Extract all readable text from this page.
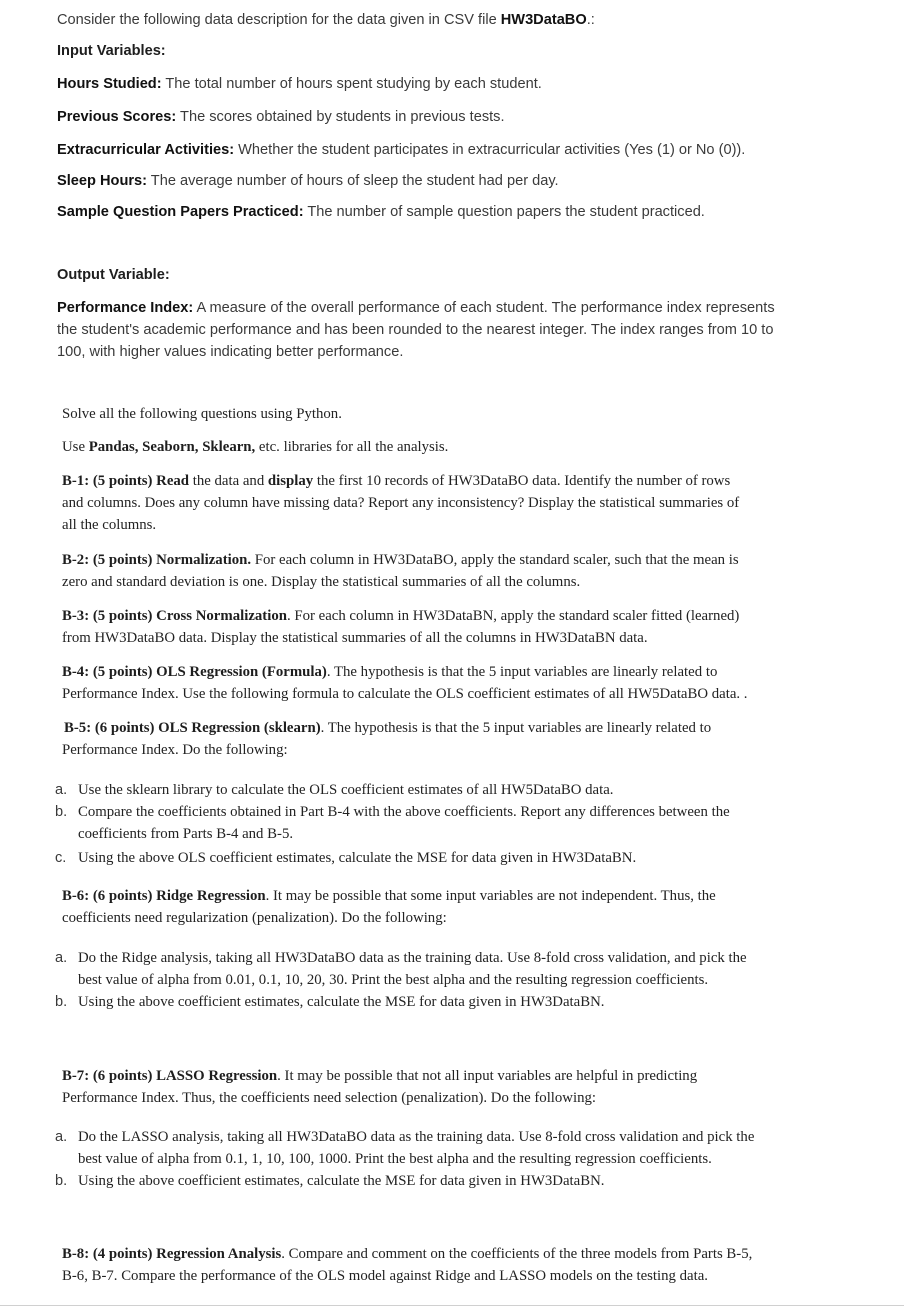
Consider the following data description for the data given in CSV file HW3DataBO.:
Input Variables:
Hours Studied: The total number of hours spent studying by each student.
Previous Scores: The scores obtained by students in previous tests.
Extracurricular Activities: Whether the student participates in extracurricular activities (Yes (1) or No (0)).
Sleep Hours: The average number of hours of sleep the student had per day.
Sample Question Papers Practiced: The number of sample question papers the student practiced.
Output Variable:
Performance Index: A measure of the overall performance of each student. The performance index represents
the student's academic performance and has been rounded to the nearest integer. The index ranges from 10 to
100, with higher values indicating better performance.
Solve all the following questions using Python.
Use Pandas, Seaborn, Sklearn, etc. libraries for all the analysis.
B-1: (5 points) Read the data and display the first 10 records of HW3DataBO data. Identify the number of rows
and columns. Does any column have missing data? Report any inconsistency? Display the statistical summaries of
all the columns.
B-2: (5 points) Normalization. For each column in HW3DataBO, apply the standard scaler, such that the mean is
zero and standard deviation is one. Display the statistical summaries of all the columns.
B-3: (5 points) Cross Normalization. For each column in HW3DataBN, apply the standard scaler fitted (learned)
from HW3DataBO data. Display the statistical summaries of all the columns in HW3DataBN data.
B-4: (5 points) OLS Regression (Formula). The hypothesis is that the 5 input variables are linearly related to
Performance Index. Use the following formula to calculate the OLS coefficient estimates of all HW5DataBO data. .
B-5: (6 points) OLS Regression (sklearn). The hypothesis is that the 5 input variables are linearly related to
Performance Index. Do the following:
a. Use the sklearn library to calculate the OLS coefficient estimates of all HW5DataBO data.
b. Compare the coefficients obtained in Part B-4 with the above coefficients. Report any differences between the
coefficients from Parts B-4 and B-5.
c. Using the above OLS coefficient estimates, calculate the MSE for data given in HW3DataBN.
B-6: (6 points) Ridge Regression. It may be possible that some input variables are not independent. Thus, the
coefficients need regularization (penalization). Do the following:
a. Do the Ridge analysis, taking all HW3DataBO data as the training data. Use 8-fold cross validation, and pick the
best value of alpha from 0.01, 0.1, 10, 20, 30. Print the best alpha and the resulting regression coefficients.
b. Using the above coefficient estimates, calculate the MSE for data given in HW3DataBN.
B-7: (6 points) LASSO Regression. It may be possible that not all input variables are helpful in predicting
Performance Index. Thus, the coefficients need selection (penalization). Do the following:
a. Do the LASSO analysis, taking all HW3DataBO data as the training data. Use 8-fold cross validation and pick the
best value of alpha from 0.1, 1, 10, 100, 1000. Print the best alpha and the resulting regression coefficients.
b. Using the above coefficient estimates, calculate the MSE for data given in HW3DataBN.
B-8: (4 points) Regression Analysis. Compare and comment on the coefficients of the three models from Parts B-5,
B-6, B-7. Compare the performance of the OLS model against Ridge and LASSO models on the testing data.
